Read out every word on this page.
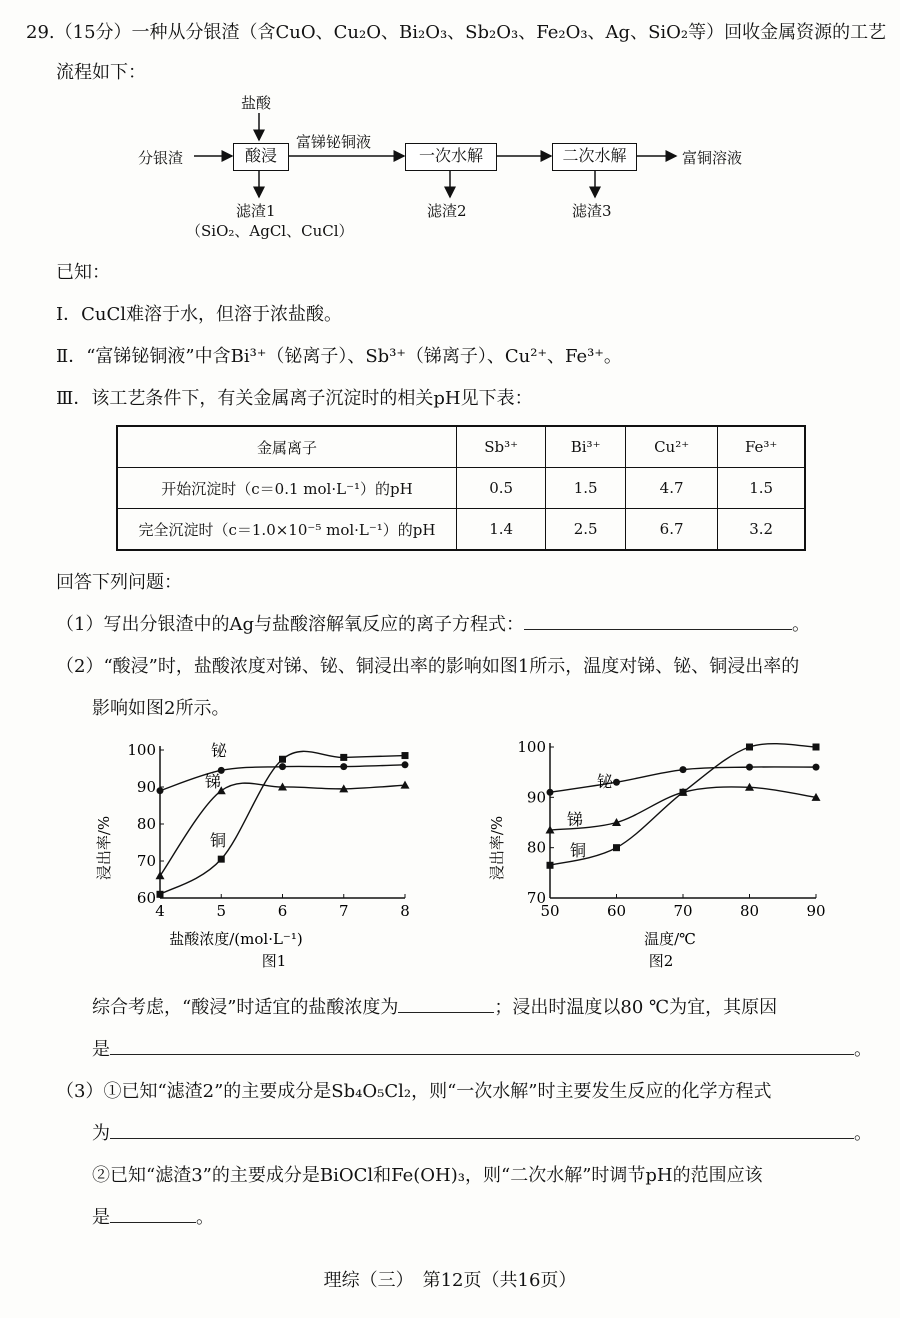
29.（15分）一种从分银渣（含CuO、Cu₂O、Bi₂O₃、Sb₂O₃、Fe₂O₃、Ag、SiO₂等）回收金属资源的工艺
流程如下：
盐酸
分银渣	酸浸
富锑铋铜液
一次水解	二次水解	富铜溶液
滤渣1
（SiO₂、AgCl、CuCl）
滤渣2	滤渣3
已知：
Ⅰ．CuCl难溶于水，但溶于浓盐酸。
Ⅱ．“富锑铋铜液”中含Bi³⁺（铋离子）、Sb³⁺（锑离子）、Cu²⁺、Fe³⁺。
Ⅲ．该工艺条件下，有关金属离子沉淀时的相关pH见下表：
金属离子	Sb³⁺	Bi³⁺	Cu²⁺	Fe³⁺
开始沉淀时（c＝0.1 mol·L⁻¹）的pH	0.5	1.5	4.7	1.5
完全沉淀时（c＝1.0×10⁻⁵ mol·L⁻¹）的pH	1.4	2.5	6.7	3.2
回答下列问题：
（1）写出分银渣中的Ag与盐酸溶解氧反应的离子方程式：	。
（2）“酸浸”时，盐酸浓度对锑、铋、铜浸出率的影响如图1所示，温度对锑、铋、铜浸出率的
影响如图2所示。
4	5	6	7	8
60
70
80
90
100	铋
锑
铜
盐酸浓度/(mol·L⁻¹)
图1
浸出率/%
50	60	70	80	90
70
80
90
100
铋
锑
铜
温度/℃
图2
浸出率/%
综合考虑，“酸浸”时适宜的盐酸浓度为	；浸出时温度以80 ℃为宜，其原因
是	。
（3）①已知“滤渣2”的主要成分是Sb₄O₅Cl₂，则“一次水解”时主要发生反应的化学方程式
为	。
②已知“滤渣3”的主要成分是BiOCl和Fe(OH)₃，则“二次水解”时调节pH的范围应该
是	。
理综（三）　第12页（共16页）
